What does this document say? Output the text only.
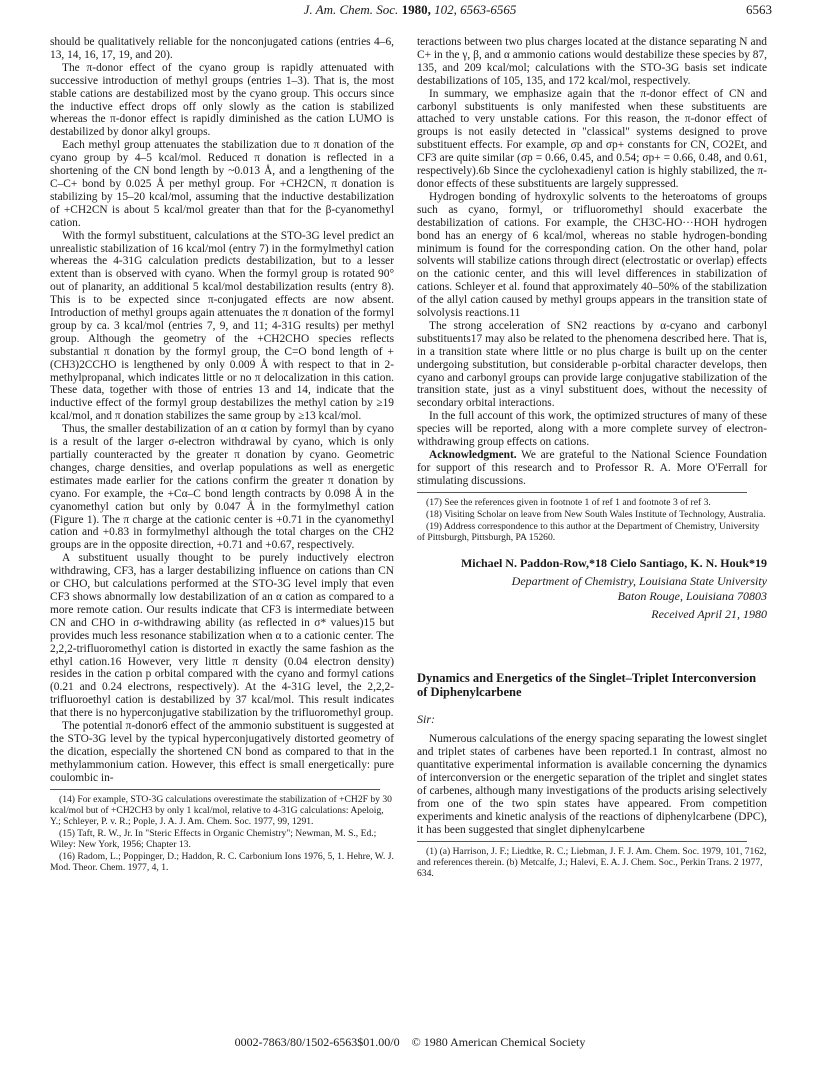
J. Am. Chem. Soc. 1980, 102, 6563-6565	6563

should be qualitatively reliable for the nonconjugated cations (entries 4–6, 13, 14, 16, 17, 19, and 20).

The π-donor effect of the cyano group is rapidly attenuated with successive introduction of methyl groups (entries 1–3). That is, the most stable cations are destabilized most by the cyano group. This occurs since the inductive effect drops off only slowly as the cation is stabilized whereas the π-donor effect is rapidly diminished as the cation LUMO is destabilized by donor alkyl groups.

Each methyl group attenuates the stabilization due to π donation of the cyano group by 4–5 kcal/mol. Reduced π donation is reflected in a shortening of the CN bond length by ~0.013 Å, and a lengthening of the C–C+ bond by 0.025 Å per methyl group. For +CH2CN, π donation is stabilizing by 15–20 kcal/mol, assuming that the inductive destabilization of +CH2CN is about 5 kcal/mol greater than that for the β-cyanomethyl cation.

With the formyl substituent, calculations at the STO-3G level predict an unrealistic stabilization of 16 kcal/mol (entry 7) in the formylmethyl cation whereas the 4-31G calculation predicts destabilization, but to a lesser extent than is observed with cyano. When the formyl group is rotated 90° out of planarity, an additional 5 kcal/mol destabilization results (entry 8). This is to be expected since π-conjugated effects are now absent. Introduction of methyl groups again attenuates the π donation of the formyl group by ca. 3 kcal/mol (entries 7, 9, and 11; 4-31G results) per methyl group. Although the geometry of the +CH2CHO species reflects substantial π donation by the formyl group, the C=O bond length of +(CH3)2CCHO is lengthened by only 0.009 Å with respect to that in 2-methylpropanal, which indicates little or no π delocalization in this cation. These data, together with those of entries 13 and 14, indicate that the inductive effect of the formyl group destabilizes the methyl cation by ≥19 kcal/mol, and π donation stabilizes the same group by ≥13 kcal/mol.

Thus, the smaller destabilization of an α cation by formyl than by cyano is a result of the larger σ-electron withdrawal by cyano, which is only partially counteracted by the greater π donation by cyano. Geometric changes, charge densities, and overlap populations as well as energetic estimates made earlier for the cations confirm the greater π donation by cyano. For example, the +Cα–C bond length contracts by 0.098 Å in the cyanomethyl cation but only by 0.047 Å in the formylmethyl cation (Figure 1). The π charge at the cationic center is +0.71 in the cyanomethyl cation and +0.83 in formylmethyl although the total charges on the CH2 groups are in the opposite direction, +0.71 and +0.67, respectively.

A substituent usually thought to be purely inductively electron withdrawing, CF3, has a larger destabilizing influence on cations than CN or CHO, but calculations performed at the STO-3G level imply that even CF3 shows abnormally low destabilization of an α cation as compared to a more remote cation. Our results indicate that CF3 is intermediate between CN and CHO in σ-withdrawing ability (as reflected in σ* values)15 but provides much less resonance stabilization when α to a cationic center. The 2,2,2-trifluoromethyl cation is distorted in exactly the same fashion as the ethyl cation.16 However, very little π density (0.04 electron density) resides in the cation p orbital compared with the cyano and formyl cations (0.21 and 0.24 electrons, respectively). At the 4-31G level, the 2,2,2-trifluoroethyl cation is destabilized by 37 kcal/mol. This result indicates that there is no hyperconjugative stabilization by the trifluoromethyl group.

The potential π-donor6 effect of the ammonio substituent is suggested at the STO-3G level by the typical hyperconjugatively distorted geometry of the dication, especially the shortened CN bond as compared to that in the methylammonium cation. However, this effect is small energetically: pure coulombic in-

(14) For example, STO-3G calculations overestimate the stabilization of +CH2F by 30 kcal/mol but of +CH2CH3 by only 1 kcal/mol, relative to 4-31G calculations: Apeloig, Y.; Schleyer, P. v. R.; Pople, J. A. J. Am. Chem. Soc. 1977, 99, 1291.

(15) Taft, R. W., Jr. In "Steric Effects in Organic Chemistry"; Newman, M. S., Ed.; Wiley: New York, 1956; Chapter 13.

(16) Radom, L.; Poppinger, D.; Haddon, R. C. Carbonium Ions 1976, 5, 1. Hehre, W. J. Mod. Theor. Chem. 1977, 4, 1.

teractions between two plus charges located at the distance separating N and C+ in the γ, β, and α ammonio cations would destabilize these species by 87, 135, and 209 kcal/mol; calculations with the STO-3G basis set indicate destabilizations of 105, 135, and 172 kcal/mol, respectively.

In summary, we emphasize again that the π-donor effect of CN and carbonyl substituents is only manifested when these substituents are attached to very unstable cations. For this reason, the π-donor effect of groups is not easily detected in "classical" systems designed to prove substituent effects. For example, σp and σp+ constants for CN, CO2Et, and CF3 are quite similar (σp = 0.66, 0.45, and 0.54; σp+ = 0.66, 0.48, and 0.61, respectively).6b Since the cyclohexadienyl cation is highly stabilized, the π-donor effects of these substituents are largely suppressed.

Hydrogen bonding of hydroxylic solvents to the heteroatoms of groups such as cyano, formyl, or trifluoromethyl should exacerbate the destabilization of cations. For example, the CH3C-HO···HOH hydrogen bond has an energy of 6 kcal/mol, whereas no stable hydrogen-bonding minimum is found for the corresponding cation. On the other hand, polar solvents will stabilize cations through direct (electrostatic or overlap) effects on the cationic center, and this will level differences in stabilization of cations. Schleyer et al. found that approximately 40–50% of the stabilization of the allyl cation caused by methyl groups appears in the transition state of solvolysis reactions.11

The strong acceleration of SN2 reactions by α-cyano and carbonyl substituents17 may also be related to the phenomena described here. That is, in a transition state where little or no plus charge is built up on the center undergoing substitution, but considerable p-orbital character develops, then cyano and carbonyl groups can provide large conjugative stabilization of the transition state, just as a vinyl substituent does, without the necessity of secondary orbital interactions.

In the full account of this work, the optimized structures of many of these species will be reported, along with a more complete survey of electron-withdrawing group effects on cations.

Acknowledgment. We are grateful to the National Science Foundation for support of this research and to Professor R. A. More O'Ferrall for stimulating discussions.

(17) See the references given in footnote 1 of ref 1 and footnote 3 of ref 3.

(18) Visiting Scholar on leave from New South Wales Institute of Technology, Australia.

(19) Address correspondence to this author at the Department of Chemistry, University of Pittsburgh, Pittsburgh, PA 15260.

Michael N. Paddon-Row,*18 Cielo Santiago, K. N. Houk*19
Department of Chemistry, Louisiana State University
Baton Rouge, Louisiana 70803
Received April 21, 1980
Dynamics and Energetics of the Singlet–Triplet Interconversion of Diphenylcarbene
Sir:

Numerous calculations of the energy spacing separating the lowest singlet and triplet states of carbenes have been reported.1 In contrast, almost no quantitative experimental information is available concerning the dynamics of interconversion or the energetic separation of the triplet and singlet states of carbenes, although many investigations of the products arising selectively from one of the two spin states have appeared. From competition experiments and kinetic analysis of the reactions of diphenylcarbene (DPC), it has been suggested that singlet diphenylcarbene

(1) (a) Harrison, J. F.; Liedtke, R. C.; Liebman, J. F. J. Am. Chem. Soc. 1979, 101, 7162, and references therein. (b) Metcalfe, J.; Halevi, E. A. J. Chem. Soc., Perkin Trans. 2 1977, 634.

0002-7863/80/1502-6563$01.00/0 © 1980 American Chemical Society
